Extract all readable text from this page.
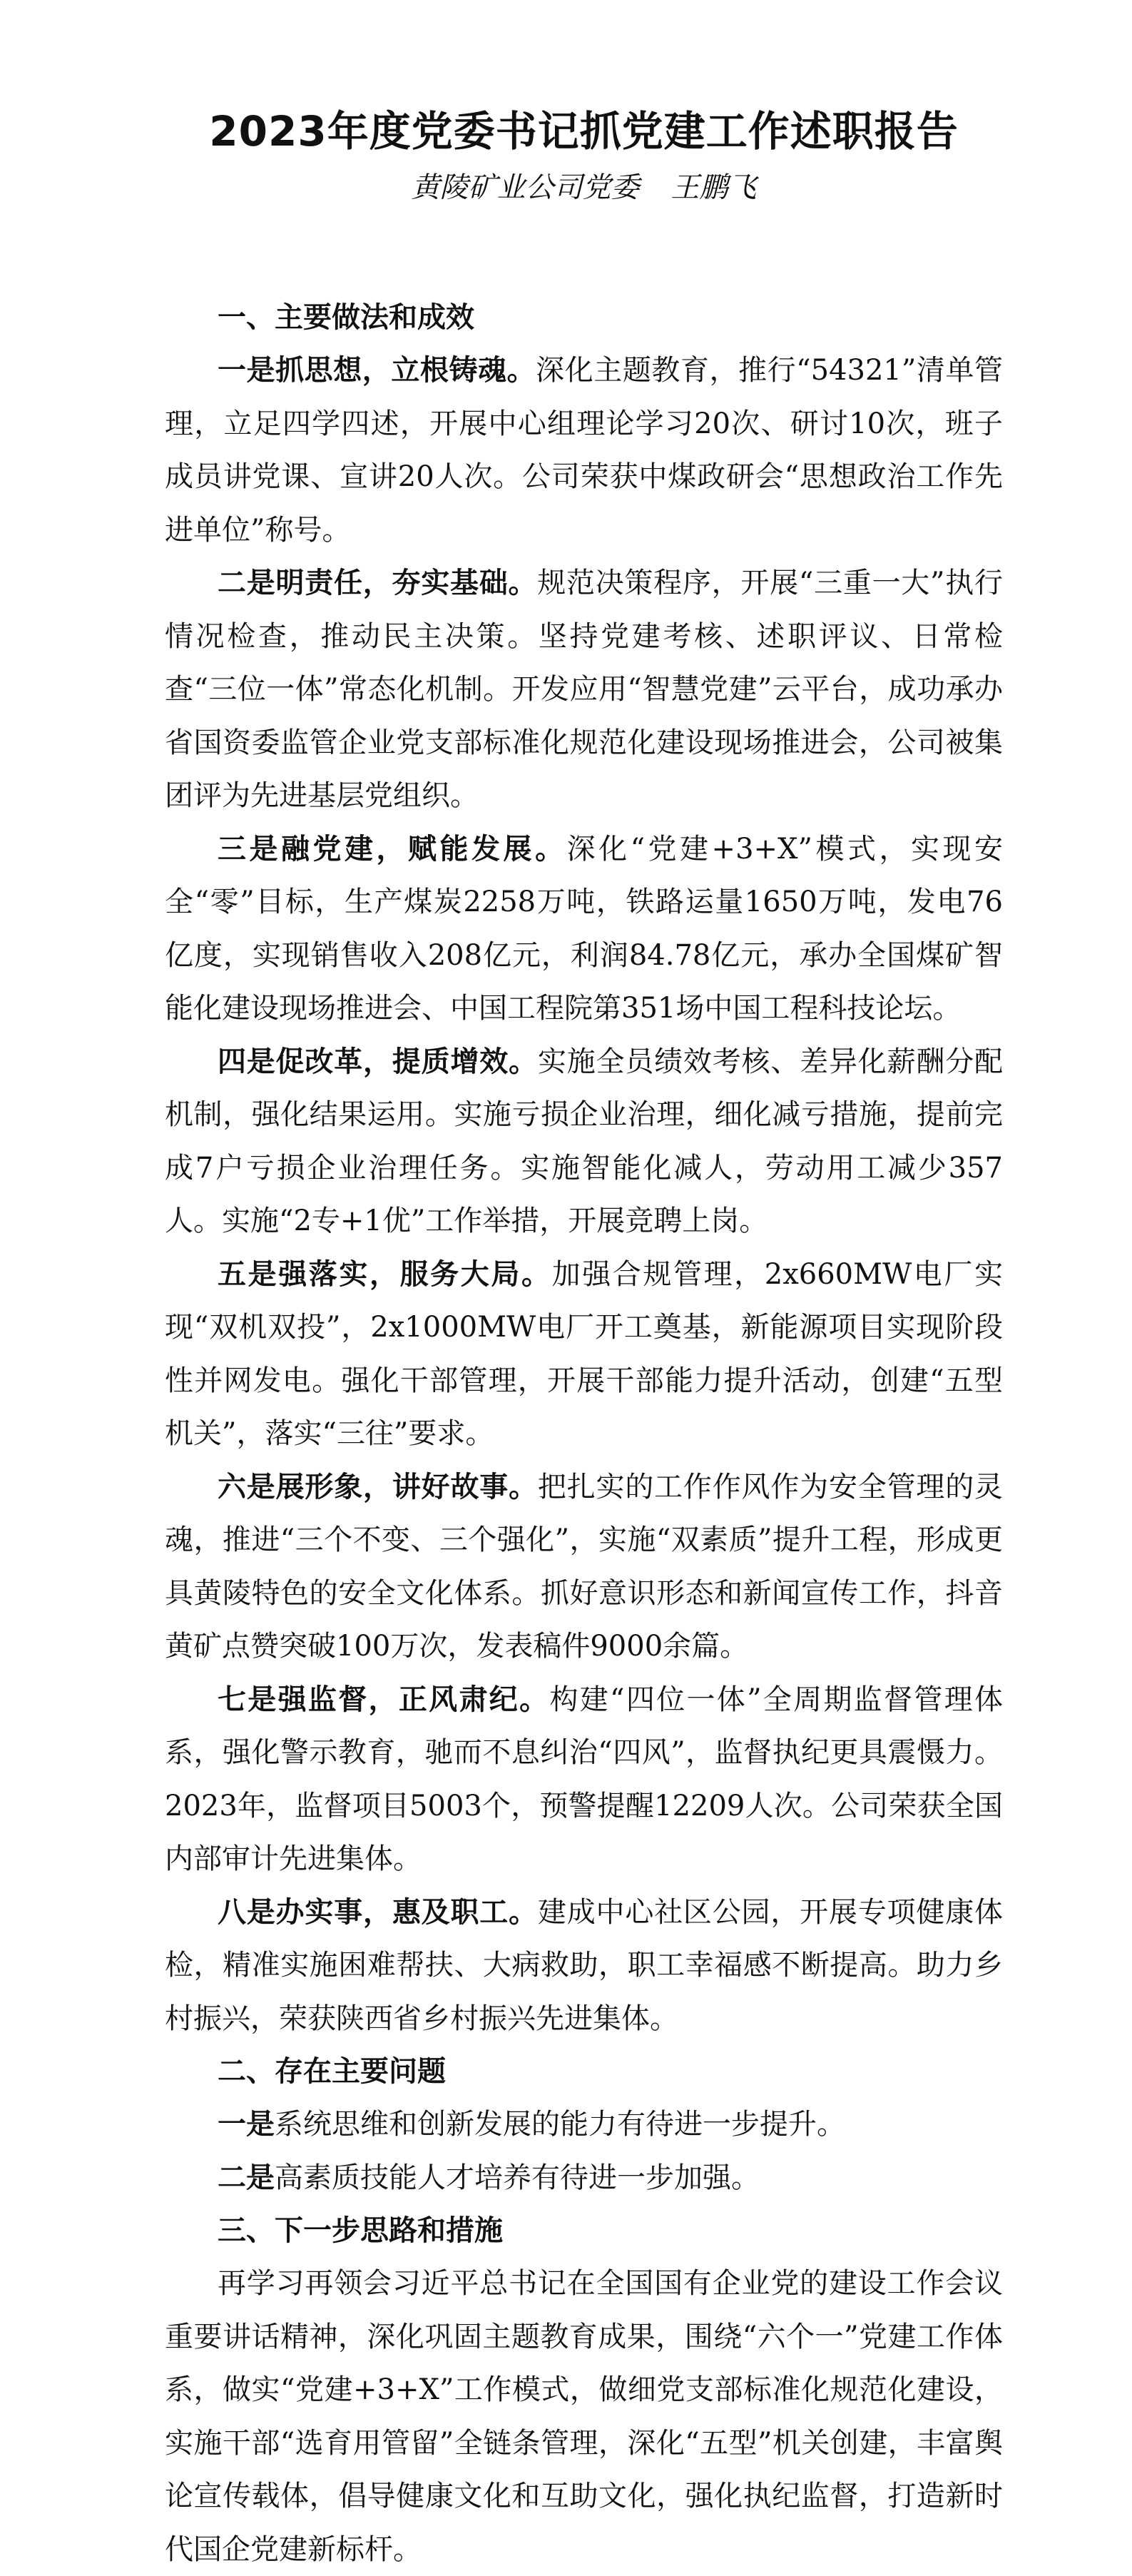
2023年度党委书记抓党建工作述职报告
黄陵矿业公司党委 王鹏飞
一、主要做法和成效

一是抓思想，立根铸魂。深化主题教育，推行“54321”清单管理，立足四学四述，开展中心组理论学习20次、研讨10次，班子成员讲党课、宣讲20人次。公司荣获中煤政研会“思想政治工作先进单位”称号。

二是明责任，夯实基础。规范决策程序，开展“三重一大”执行情况检查，推动民主决策。坚持党建考核、述职评议、日常检查“三位一体”常态化机制。开发应用“智慧党建”云平台，成功承办省国资委监管企业党支部标准化规范化建设现场推进会，公司被集团评为先进基层党组织。

三是融党建，赋能发展。深化“党建+3+X”模式，实现安全“零”目标，生产煤炭2258万吨，铁路运量1650万吨，发电76亿度，实现销售收入208亿元，利润84.78亿元，承办全国煤矿智能化建设现场推进会、中国工程院第351场中国工程科技论坛。

四是促改革，提质增效。实施全员绩效考核、差异化薪酬分配机制，强化结果运用。实施亏损企业治理，细化减亏措施，提前完成7户亏损企业治理任务。实施智能化减人，劳动用工减少357人。实施“2专+1优”工作举措，开展竞聘上岗。

五是强落实，服务大局。加强合规管理，2x660MW电厂实现“双机双投”，2x1000MW电厂开工奠基，新能源项目实现阶段性并网发电。强化干部管理，开展干部能力提升活动，创建“五型机关”，落实“三往”要求。

六是展形象，讲好故事。把扎实的工作作风作为安全管理的灵魂，推进“三个不变、三个强化”，实施“双素质”提升工程，形成更具黄陵特色的安全文化体系。抓好意识形态和新闻宣传工作，抖音黄矿点赞突破100万次，发表稿件9000余篇。

七是强监督，正风肃纪。构建“四位一体”全周期监督管理体系，强化警示教育，驰而不息纠治“四风”，监督执纪更具震慑力。2023年，监督项目5003个，预警提醒12209人次。公司荣获全国内部审计先进集体。

八是办实事，惠及职工。建成中心社区公园，开展专项健康体检，精准实施困难帮扶、大病救助，职工幸福感不断提高。助力乡村振兴，荣获陕西省乡村振兴先进集体。

二、存在主要问题

一是系统思维和创新发展的能力有待进一步提升。

二是高素质技能人才培养有待进一步加强。

三、下一步思路和措施

再学习再领会习近平总书记在全国国有企业党的建设工作会议重要讲话精神，深化巩固主题教育成果，围绕“六个一”党建工作体系，做实“党建+3+X”工作模式，做细党支部标准化规范化建设，实施干部“选育用管留”全链条管理，深化“五型”机关创建，丰富舆论宣传载体，倡导健康文化和互助文化，强化执纪监督，打造新时代国企党建新标杆。
